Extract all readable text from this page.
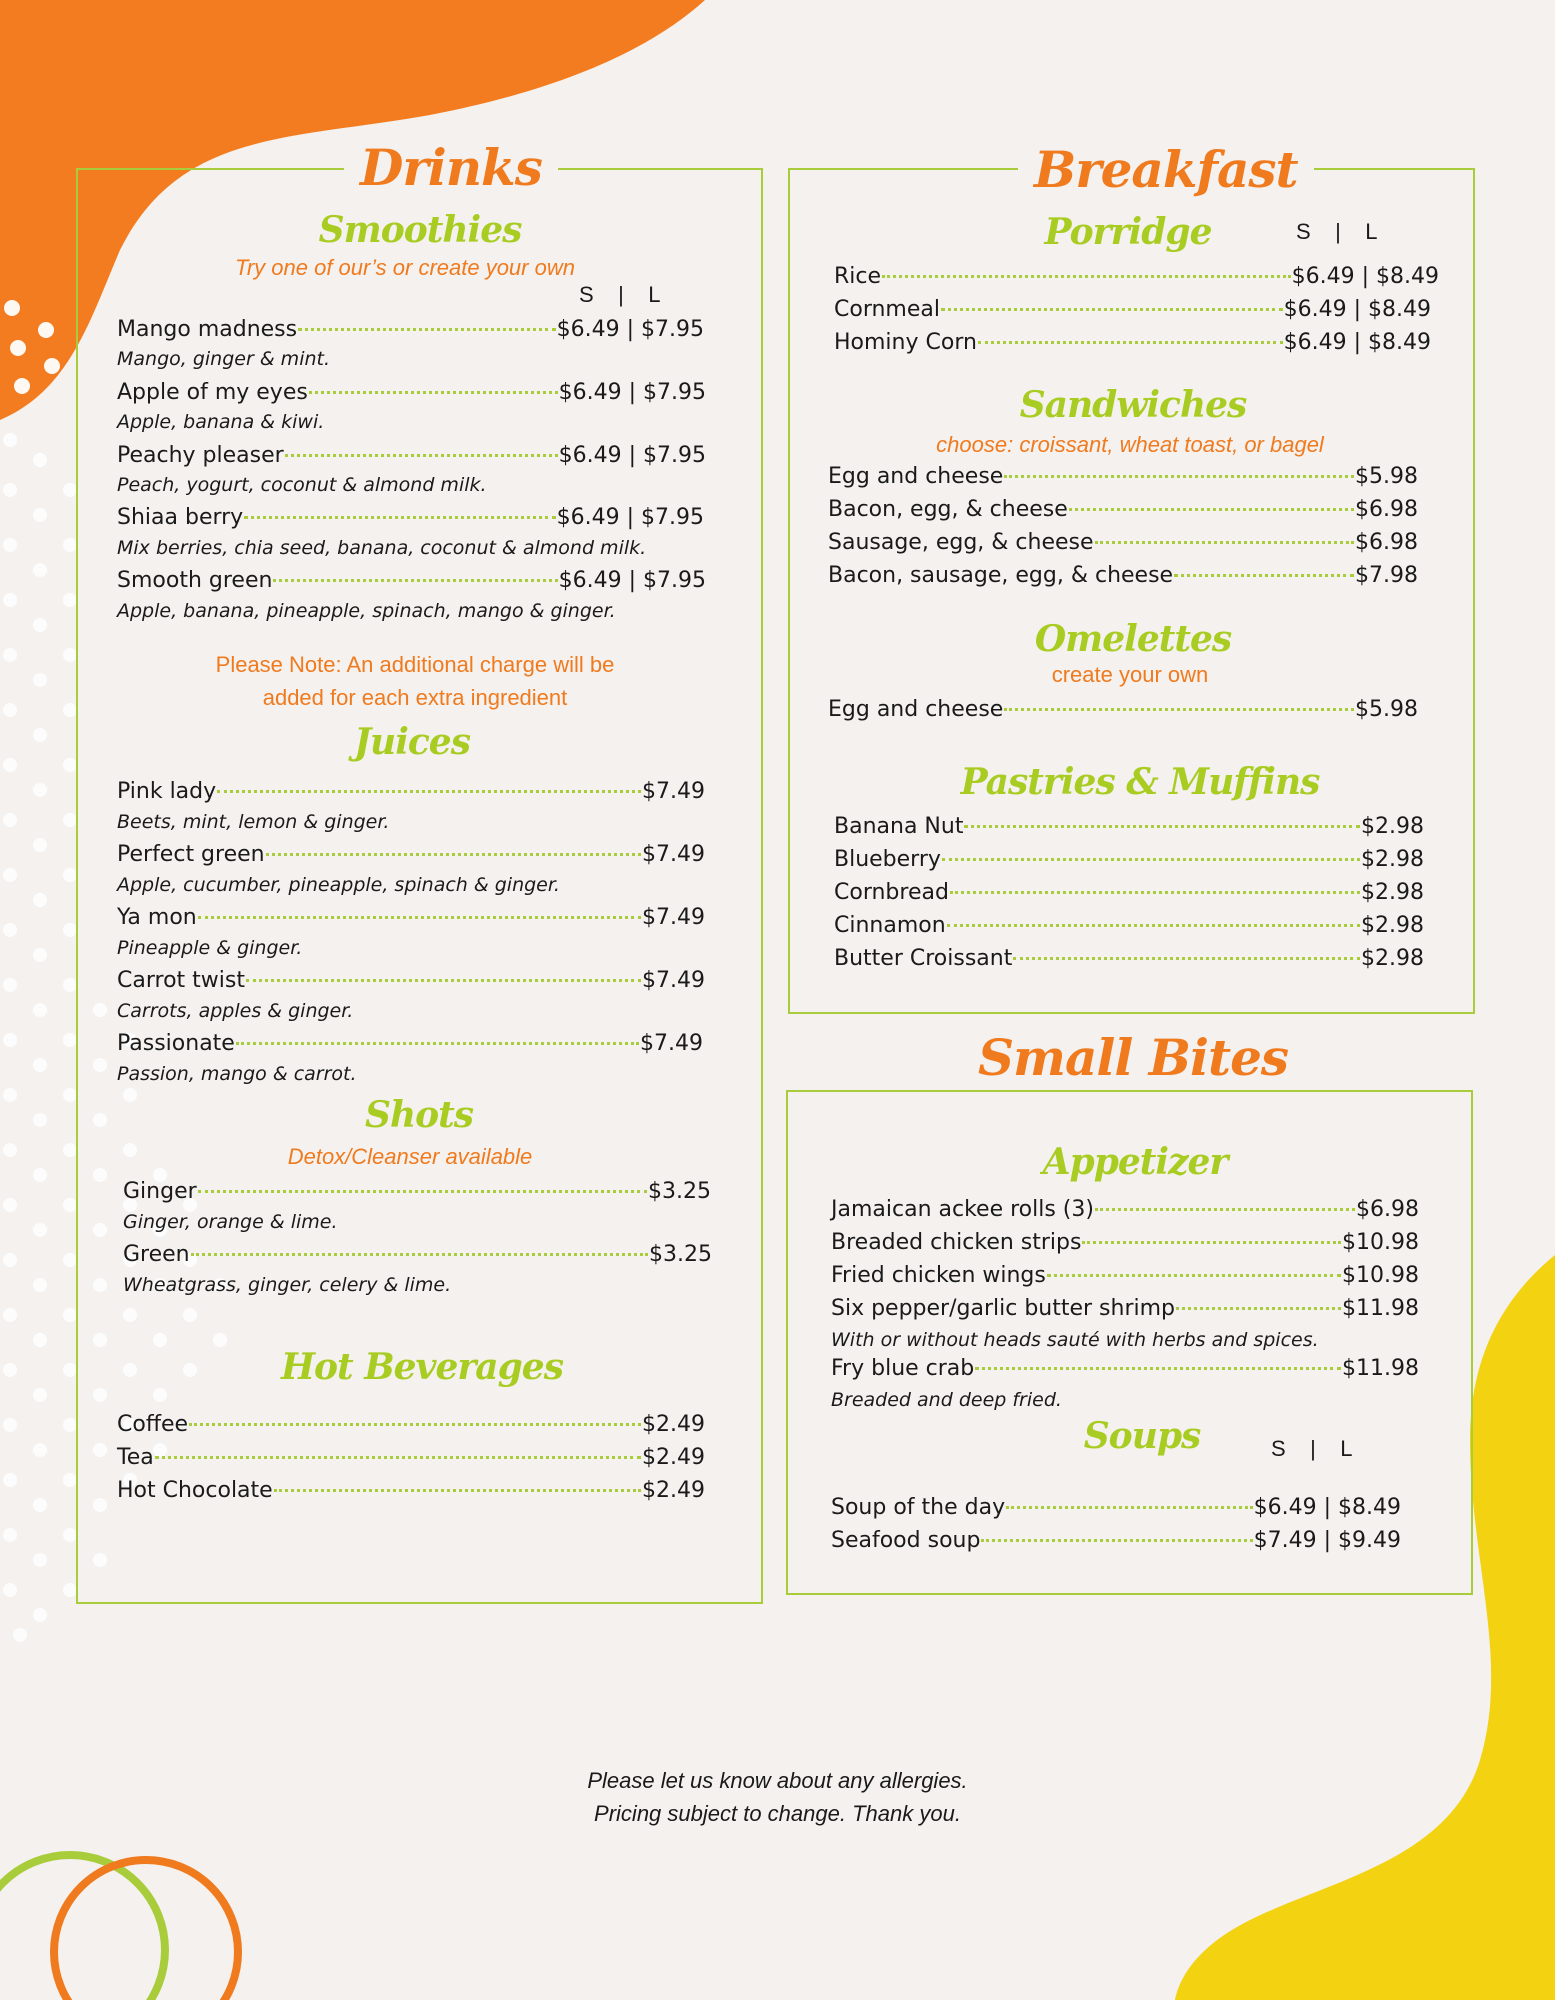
Drinks
Smoothies
Try one of our’s or create your own
S    |    L
Mango madness	$6.49 | $7.95
Mango, ginger & mint.
Apple of my eyes	$6.49 | $7.95
Apple, banana & kiwi.
Peachy pleaser	$6.49 | $7.95
Peach, yogurt, coconut & almond milk.
Shiaa berry	$6.49 | $7.95
Mix berries, chia seed, banana, coconut & almond milk.
Smooth green	$6.49 | $7.95
Apple, banana, pineapple, spinach, mango & ginger.
Please Note: An additional charge will be
added for each extra ingredient
Juices
Pink lady	$7.49
Beets, mint, lemon & ginger.
Perfect green	$7.49
Apple, cucumber, pineapple, spinach & ginger.
Ya mon	$7.49
Pineapple & ginger.
Carrot twist	$7.49
Carrots, apples & ginger.
Passionate	$7.49
Passion, mango & carrot.
Shots
Detox/Cleanser available
Ginger	$3.25
Ginger, orange & lime.
Green	$3.25
Wheatgrass, ginger, celery & lime.
Hot Beverages
Coffee	$2.49
Tea	$2.49
Hot Chocolate	$2.49
Breakfast
Porridge	S    |    L
Rice	$6.49 | $8.49
Cornmeal	$6.49 | $8.49
Hominy Corn	$6.49 | $8.49
Sandwiches
choose: croissant, wheat toast, or bagel
Egg and cheese	$5.98
Bacon, egg, & cheese	$6.98
Sausage, egg, & cheese	$6.98
Bacon, sausage, egg, & cheese	$7.98
Omelettes
create your own
Egg and cheese	$5.98
Pastries & Muffins
Banana Nut	$2.98
Blueberry	$2.98
Cornbread	$2.98
Cinnamon	$2.98
Butter Croissant	$2.98
Small Bites
Appetizer
Jamaican ackee rolls (3)	$6.98
Breaded chicken strips	$10.98
Fried chicken wings	$10.98
Six pepper/garlic butter shrimp	$11.98
With or without heads sauté with herbs and spices.
Fry blue crab	$11.98
Breaded and deep fried.
Soups	S    |    L
Soup of the day	$6.49 | $8.49
Seafood soup	$7.49 | $9.49
Please let us know about any allergies.
Pricing subject to change. Thank you.
